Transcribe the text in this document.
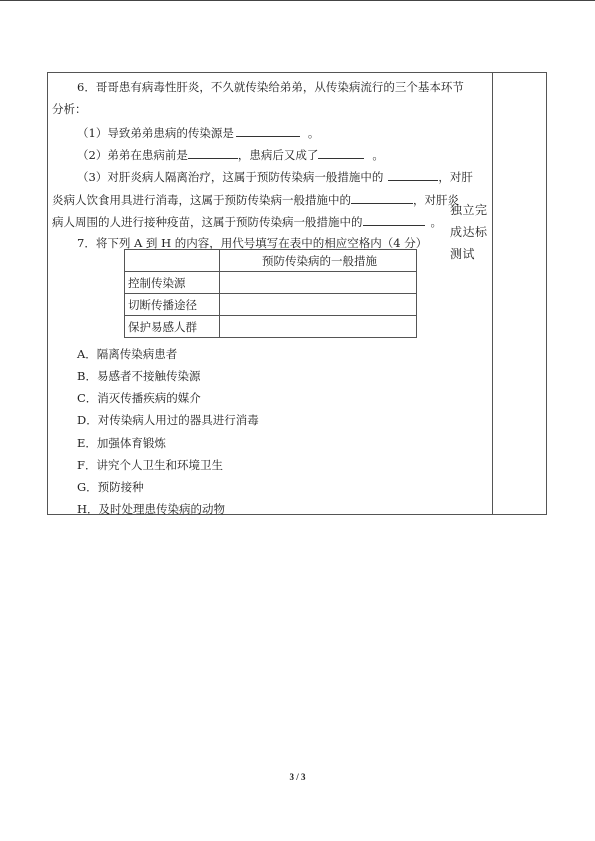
独立完成达标测试
6．哥哥患有病毒性肝炎，不久就传染给弟弟，从传染病流行的三个基本环节
分析：
（1）导致弟弟患病的传染源是	。
（2）弟弟在患病前是	，患病后又成了	。
（3）对肝炎病人隔离治疗，这属于预防传染病一般措施中的	，对肝
炎病人饮食用具进行消毒，这属于预防传染病一般措施中的	，对肝炎
病人周围的人进行接种疫苗，这属于预防传染病一般措施中的	。
7．将下列 A 到 H 的内容，用代号填写在表中的相应空格内（4 分）
	预防传染病的一般措施
控制传染源	
切断传播途径	
保护易感人群	
A．隔离传染病患者
B．易感者不接触传染源
C．消灭传播疾病的媒介
D．对传染病人用过的器具进行消毒
E．加强体育锻炼
F．讲究个人卫生和环境卫生
G．预防接种
H．及时处理患传染病的动物
3 / 3
